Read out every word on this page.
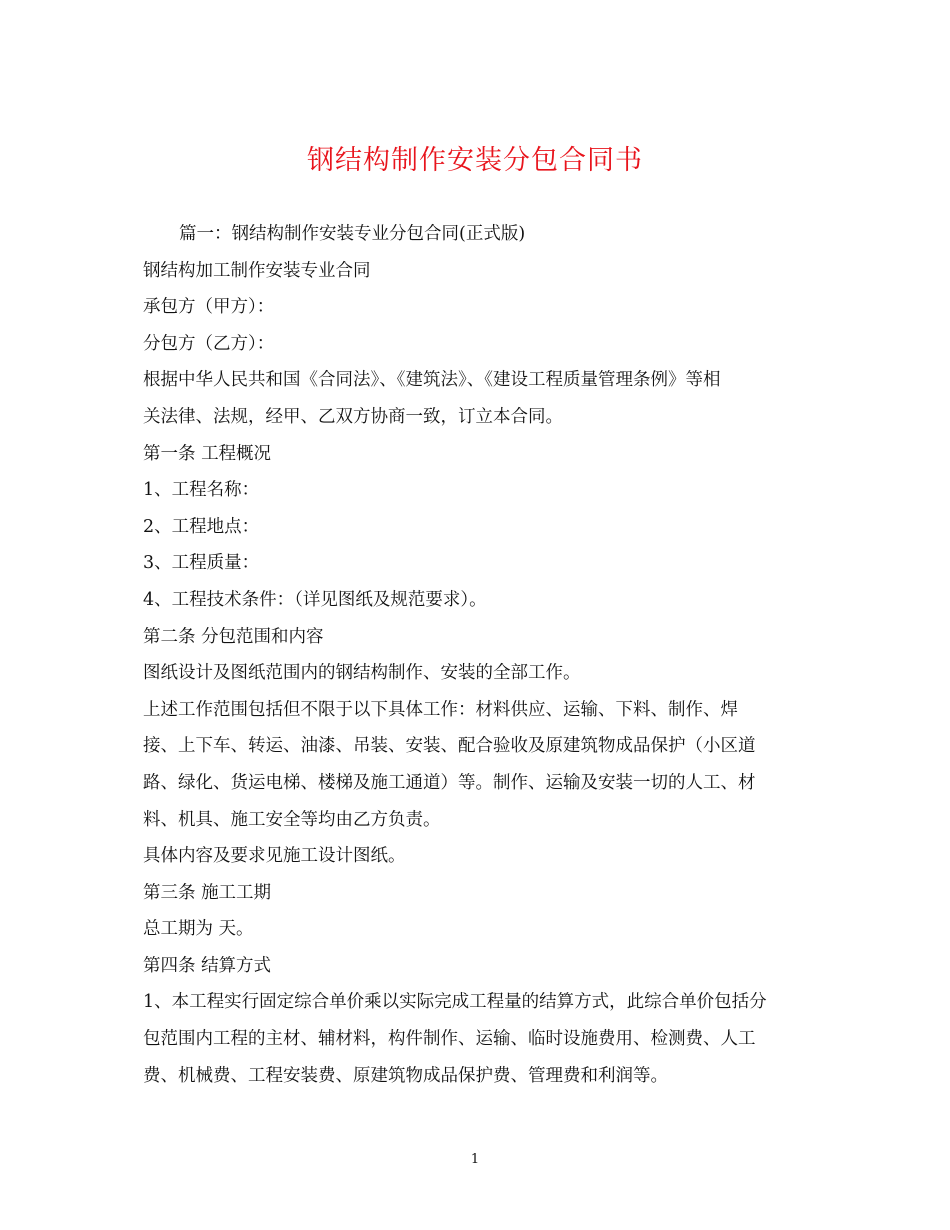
钢结构制作安装分包合同书

篇一：钢结构制作安装专业分包合同(正式版)

钢结构加工制作安装专业合同

承包方（甲方）：

分包方（乙方）：

根据中华人民共和国《合同法》、《建筑法》、《建设工程质量管理条例》等相

关法律、法规，经甲、乙双方协商一致，订立本合同。

第一条 工程概况

1、工程名称：

2、工程地点：

3、工程质量：

4、工程技术条件：（详见图纸及规范要求）。

第二条 分包范围和内容

图纸设计及图纸范围内的钢结构制作、安装的全部工作。

上述工作范围包括但不限于以下具体工作：材料供应、运输、下料、制作、焊

接、上下车、转运、油漆、吊装、安装、配合验收及原建筑物成品保护（小区道

路、绿化、货运电梯、楼梯及施工通道）等。制作、运输及安装一切的人工、材

料、机具、施工安全等均由乙方负责。

具体内容及要求见施工设计图纸。

第三条 施工工期

总工期为 天。

第四条 结算方式

1、本工程实行固定综合单价乘以实际完成工程量的结算方式，此综合单价包括分

包范围内工程的主材、辅材料，构件制作、运输、临时设施费用、检测费、人工

费、机械费、工程安装费、原建筑物成品保护费、管理费和利润等。

1
